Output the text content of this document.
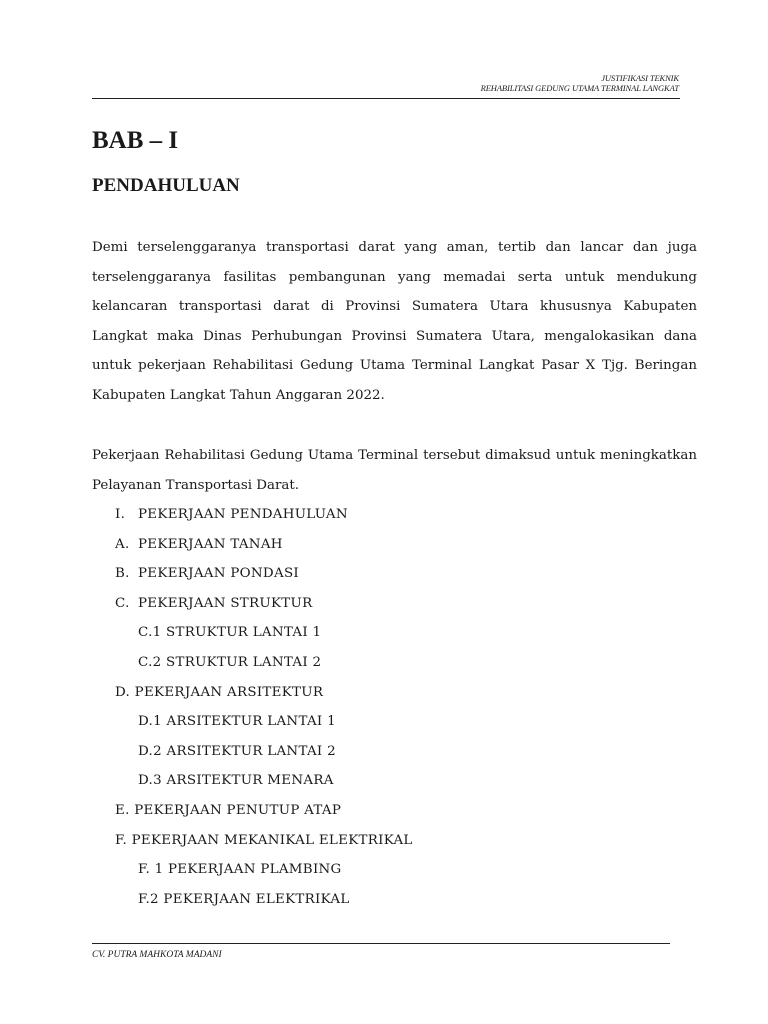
JUSTIFIKASI TEKNIK
REHABILITASI GEDUNG UTAMA TERMINAL LANGKAT
BAB – I
PENDAHULUAN

Demi terselenggaranya transportasi darat yang aman, tertib dan lancar dan juga terselenggaranya fasilitas pembangunan yang memadai serta untuk mendukung kelancaran transportasi darat di Provinsi Sumatera Utara khususnya Kabupaten Langkat maka Dinas Perhubungan Provinsi Sumatera Utara, mengalokasikan dana untuk pekerjaan Rehabilitasi Gedung Utama Terminal Langkat Pasar X Tjg. Beringan Kabupaten Langkat Tahun Anggaran 2022.

Pekerjaan Rehabilitasi Gedung Utama Terminal tersebut dimaksud untuk meningkatkan Pelayanan Transportasi Darat.

I. PEKERJAAN PENDAHULUAN
A. PEKERJAAN TANAH
B. PEKERJAAN PONDASI
C. PEKERJAAN STRUKTUR
C.1 STRUKTUR LANTAI 1
C.2 STRUKTUR LANTAI 2
D. PEKERJAAN ARSITEKTUR
D.1 ARSITEKTUR LANTAI 1
D.2 ARSITEKTUR LANTAI 2
D.3 ARSITEKTUR MENARA
E. PEKERJAAN PENUTUP ATAP
F. PEKERJAAN MEKANIKAL ELEKTRIKAL
F. 1 PEKERJAAN PLAMBING
F.2 PEKERJAAN ELEKTRIKAL
CV. PUTRA MAHKOTA MADANI
